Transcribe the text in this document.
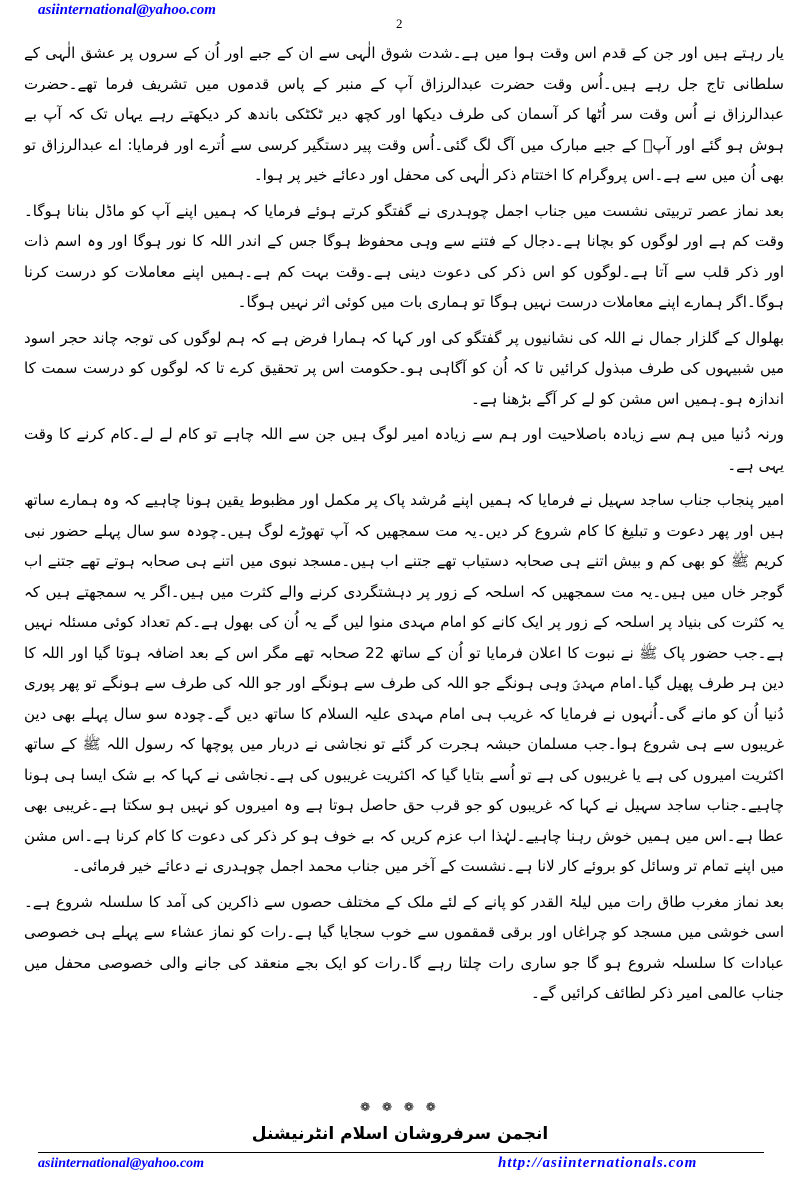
asiinternational@yahoo.com
2

یار رہتے ہیں اور جن کے قدم اس وقت ہوا میں ہے۔شدت شوق الٰہی سے ان کے جبے اور اُن کے سروں پر عشق الٰہی کے سلطانی تاج جل رہے ہیں۔اُس وقت حضرت عبدالرزاق آپ کے منبر کے پاس قدموں میں تشریف فرما تھے۔حضرت عبدالرزاق نے اُس وقت سر اُٹھا کر آسمان کی طرف دیکھا اور کچھ دیر ٹکٹکی باندھ کر دیکھتے رہے یہاں تک کہ آپ بے ہوش ہو گئے اور آپؒ کے جبے مبارک میں آگ لگ گئی۔اُس وقت پیر دستگیر کرسی سے اُترے اور فرمایا: اے عبدالرزاق تو بھی اُن میں سے ہے۔اس پروگرام کا اختتام ذکر الٰہی کی محفل اور دعائے خیر پر ہوا۔

بعد نماز عصر تربیتی نشست میں جناب اجمل چوہدری نے گفتگو کرتے ہوئے فرمایا کہ ہمیں اپنے آپ کو ماڈل بنانا ہوگا۔وقت کم ہے اور لوگوں کو بچانا ہے۔دجال کے فتنے سے وہی محفوظ ہوگا جس کے اندر اللہ کا نور ہوگا اور وہ اسم ذات اور ذکر قلب سے آتا ہے۔لوگوں کو اس ذکر کی دعوت دینی ہے۔وقت بہت کم ہے۔ہمیں اپنے معاملات کو درست کرنا ہوگا۔اگر ہمارے اپنے معاملات درست نہیں ہوگا تو ہماری بات میں کوئی اثر نہیں ہوگا۔

بھلوال کے گلزار جمال نے اللہ کی نشانیوں پر گفتگو کی اور کہا کہ ہمارا فرض ہے کہ ہم لوگوں کی توجہ چاند حجر اسود میں شبیہوں کی طرف مبذول کرائیں تا کہ اُن کو آگاہی ہو۔حکومت اس پر تحقیق کرے تا کہ لوگوں کو درست سمت کا اندازہ ہو۔ہمیں اس مشن کو لے کر آگے بڑھنا ہے۔

ورنہ دُنیا میں ہم سے زیادہ باصلاحیت اور ہم سے زیادہ امیر لوگ ہیں جن سے اللہ چاہے تو کام لے لے۔کام کرنے کا وقت یہی ہے۔

امیر پنجاب جناب ساجد سہیل نے فرمایا کہ ہمیں اپنے مُرشد پاک پر مکمل اور مظبوط یقین ہونا چاہیے کہ وہ ہمارے ساتھ ہیں اور پھر دعوت و تبلیغ کا کام شروع کر دیں۔یہ مت سمجھیں کہ آپ تھوڑے لوگ ہیں۔چودہ سو سال پہلے حضور نبی کریم ﷺ کو بھی کم و بیش اتنے ہی صحابہ دستیاب تھے جتنے اب ہیں۔مسجد نبوی میں اتنے ہی صحابہ ہوتے تھے جتنے اب گوجر خاں میں ہیں۔یہ مت سمجھیں کہ اسلحہ کے زور پر دہشتگردی کرنے والے کثرت میں ہیں۔اگر یہ سمجھتے ہیں کہ یہ کثرت کی بنیاد پر اسلحہ کے زور پر ایک کانے کو امام مہدی منوا لیں گے یہ اُن کی بھول ہے۔کم تعداد کوئی مسئلہ نہیں ہے۔جب حضور پاک ﷺ نے نبوت کا اعلان فرمایا تو اُن کے ساتھ 22 صحابہ تھے مگر اس کے بعد اضافہ ہوتا گیا اور اللہ کا دین ہر طرف پھیل گیا۔امام مہدیؑ وہی ہونگے جو اللہ کی طرف سے ہونگے اور جو اللہ کی طرف سے ہونگے تو پھر پوری دُنیا اُن کو مانے گی۔اُنہوں نے فرمایا کہ غریب ہی امام مہدی علیہ السلام کا ساتھ دیں گے۔چودہ سو سال پہلے بھی دین غریبوں سے ہی شروع ہوا۔جب مسلمان حبشہ ہجرت کر گئے تو نجاشی نے دربار میں پوچھا کہ رسول اللہ ﷺ کے ساتھ اکثریت امیروں کی ہے یا غریبوں کی ہے تو اُسے بتایا گیا کہ اکثریت غریبوں کی ہے۔نجاشی نے کہا کہ بے شک ایسا ہی ہونا چاہیے۔جناب ساجد سہیل نے کہا کہ غریبوں کو جو قرب حق حاصل ہوتا ہے وہ امیروں کو نہیں ہو سکتا ہے۔غریبی بھی عطا ہے۔اس میں ہمیں خوش رہنا چاہیے۔لہٰذا اب عزم کریں کہ بے خوف ہو کر ذکر کی دعوت کا کام کرنا ہے۔اس مشن میں اپنے تمام تر وسائل کو بروئے کار لانا ہے۔نشست کے آخر میں جناب محمد اجمل چوہدری نے دعائے خیر فرمائی۔

بعد نماز مغرب طاق رات میں لیلۃ القدر کو پانے کے لئے ملک کے مختلف حصوں سے ذاکرین کی آمد کا سلسلہ شروع ہے۔اسی خوشی میں مسجد کو چراغاں اور برقی قمقموں سے خوب سجایا گیا ہے۔رات کو نماز عشاء سے پہلے ہی خصوصی عبادات کا سلسلہ شروع ہو گا جو ساری رات چلتا رہے گا۔رات کو ایک بجے منعقد کی جانے والی خصوصی محفل میں جناب عالمی امیر ذکر لطائف کرائیں گے۔

❁ ❁ ❁ ❁
انجمن سرفروشان اسلام انٹرنیشنل
asiinternational@yahoo.com	http://asiinternationals.com
